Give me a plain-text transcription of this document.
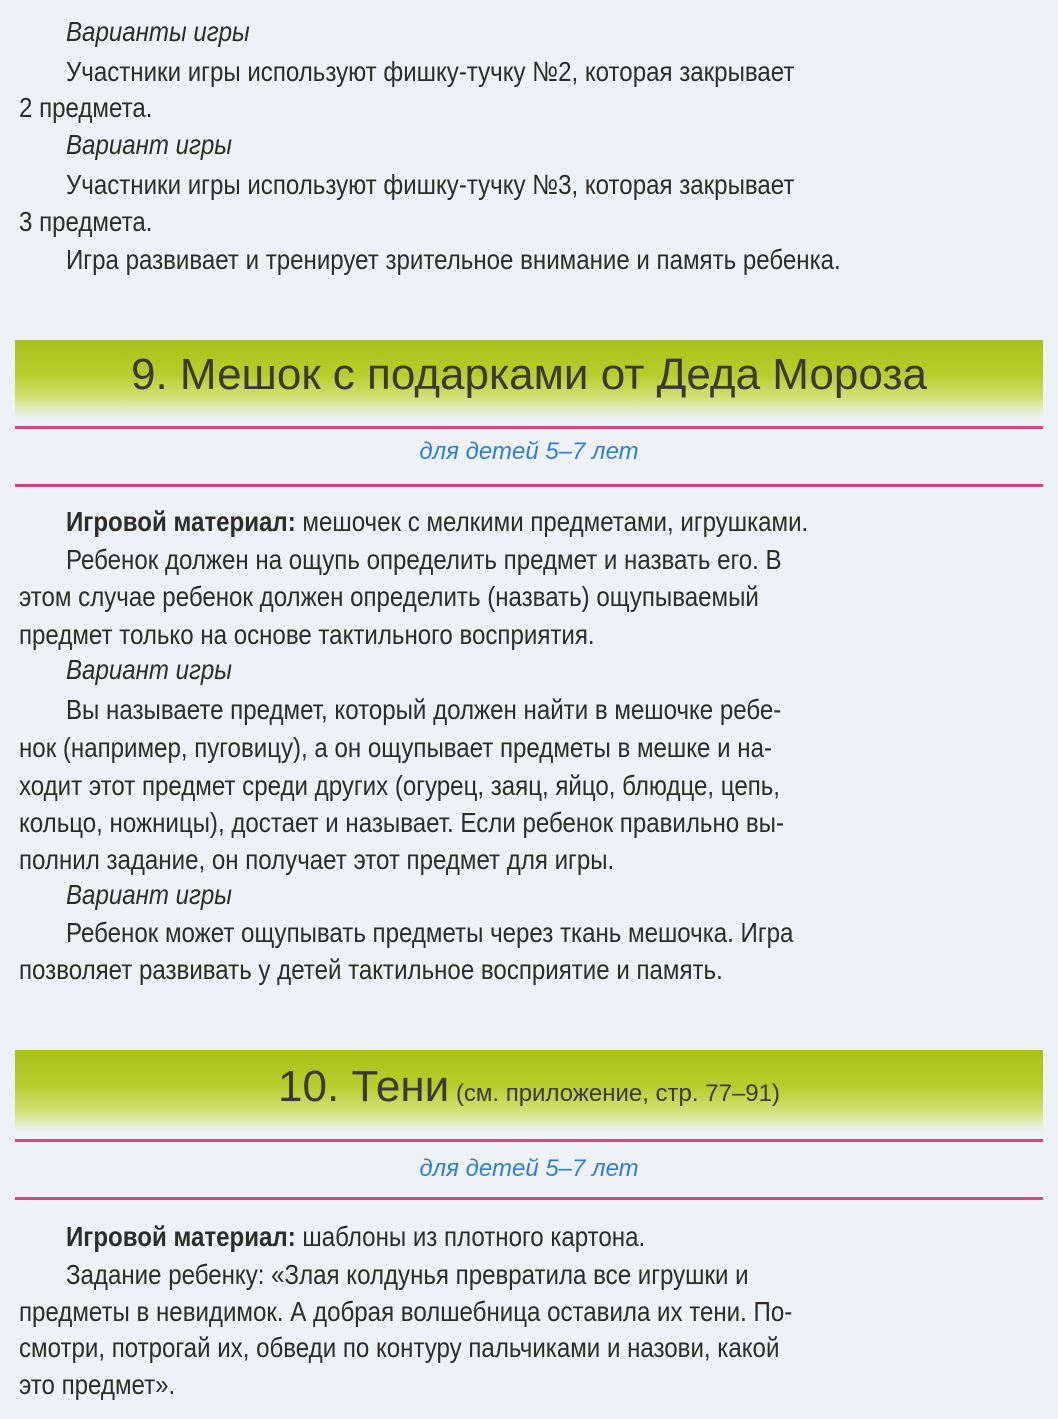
Варианты игры
Участники игры используют фишку-тучку №2, которая закрывает
2 предмета.
Вариант игры
Участники игры используют фишку-тучку №3, которая закрывает
3 предмета.
Игра развивает и тренирует зрительное внимание и память ребенка.
9. Мешок с подарками от Деда Мороза
для детей 5–7 лет
Игровой материал: мешочек с мелкими предметами, игрушками.
Ребенок должен на ощупь определить предмет и назвать его. В
этом случае ребенок должен определить (назвать) ощупываемый
предмет только на основе тактильного восприятия.
Вариант игры
Вы называете предмет, который должен найти в мешочке ребе-
нок (например, пуговицу), а он ощупывает предметы в мешке и на-
ходит этот предмет среди других (огурец, заяц, яйцо, блюдце, цепь,
кольцо, ножницы), достает и называет. Если ребенок правильно вы-
полнил задание, он получает этот предмет для игры.
Вариант игры
Ребенок может ощупывать предметы через ткань мешочка. Игра
позволяет развивать у детей тактильное восприятие и память.
10. Тени (см. приложение, стр. 77–91)
для детей 5–7 лет
Игровой материал: шаблоны из плотного картона.
Задание ребенку: «Злая колдунья превратила все игрушки и
предметы в невидимок. А добрая волшебница оставила их тени. По-
смотри, потрогай их, обведи по контуру пальчиками и назови, какой
это предмет».
